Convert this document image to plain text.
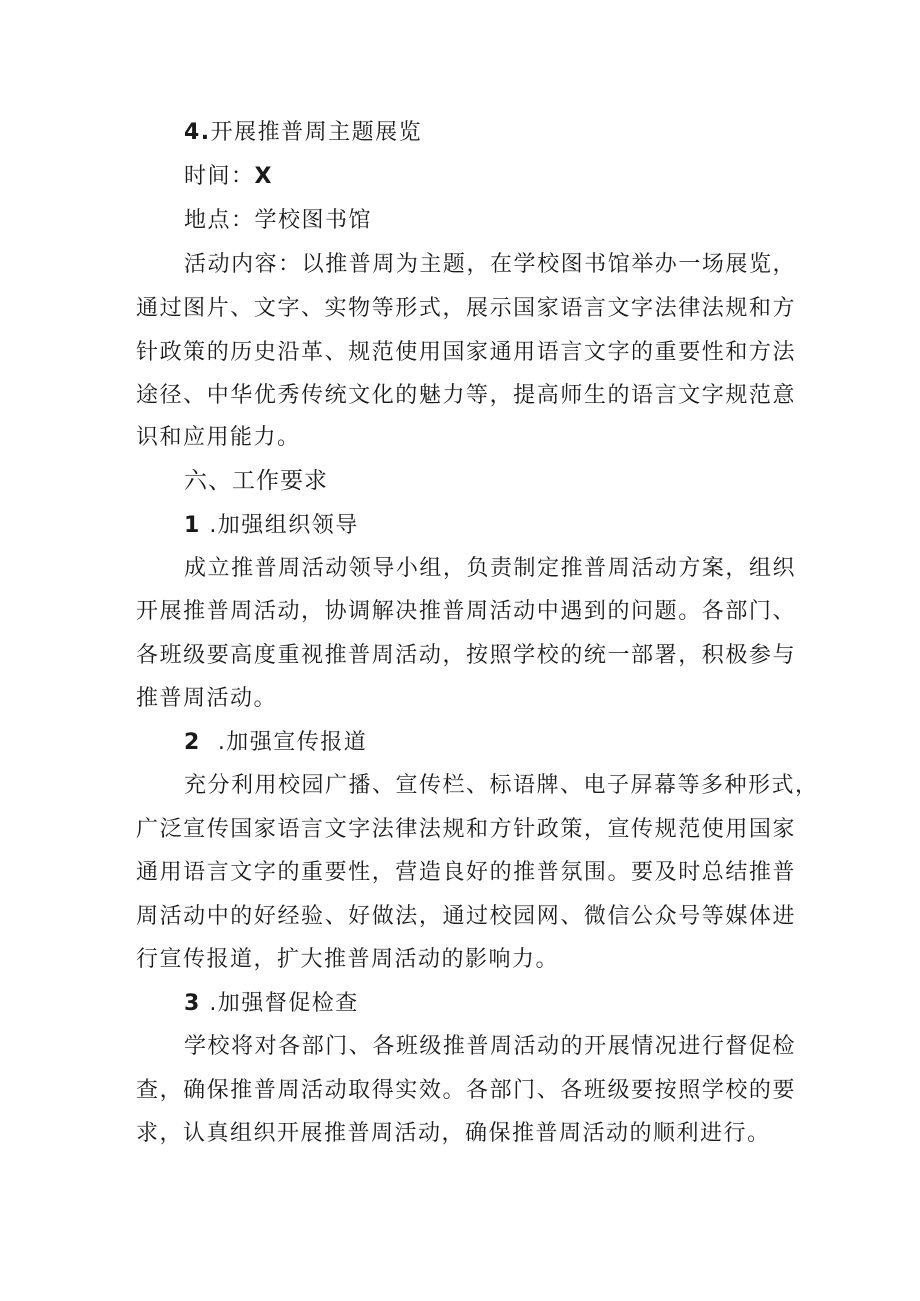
4.开展推普周主题展览
时间：X
地点：学校图书馆
活动内容：以推普周为主题，在学校图书馆举办一场展览，
通过图片、文字、实物等形式，展示国家语言文字法律法规和方
针政策的历史沿革、规范使用国家通用语言文字的重要性和方法
途径、中华优秀传统文化的魅力等，提高师生的语言文字规范意
识和应用能力。
六、工作要求
1 .加强组织领导
成立推普周活动领导小组，负责制定推普周活动方案，组织
开展推普周活动，协调解决推普周活动中遇到的问题。各部门、
各班级要高度重视推普周活动，按照学校的统一部署，积极参与
推普周活动。
2 .加强宣传报道
充分利用校园广播、宣传栏、标语牌、电子屏幕等多种形式，
广泛宣传国家语言文字法律法规和方针政策，宣传规范使用国家
通用语言文字的重要性，营造良好的推普氛围。要及时总结推普
周活动中的好经验、好做法，通过校园网、微信公众号等媒体进
行宣传报道，扩大推普周活动的影响力。
3 .加强督促检查
学校将对各部门、各班级推普周活动的开展情况进行督促检
查，确保推普周活动取得实效。各部门、各班级要按照学校的要
求，认真组织开展推普周活动，确保推普周活动的顺利进行。
